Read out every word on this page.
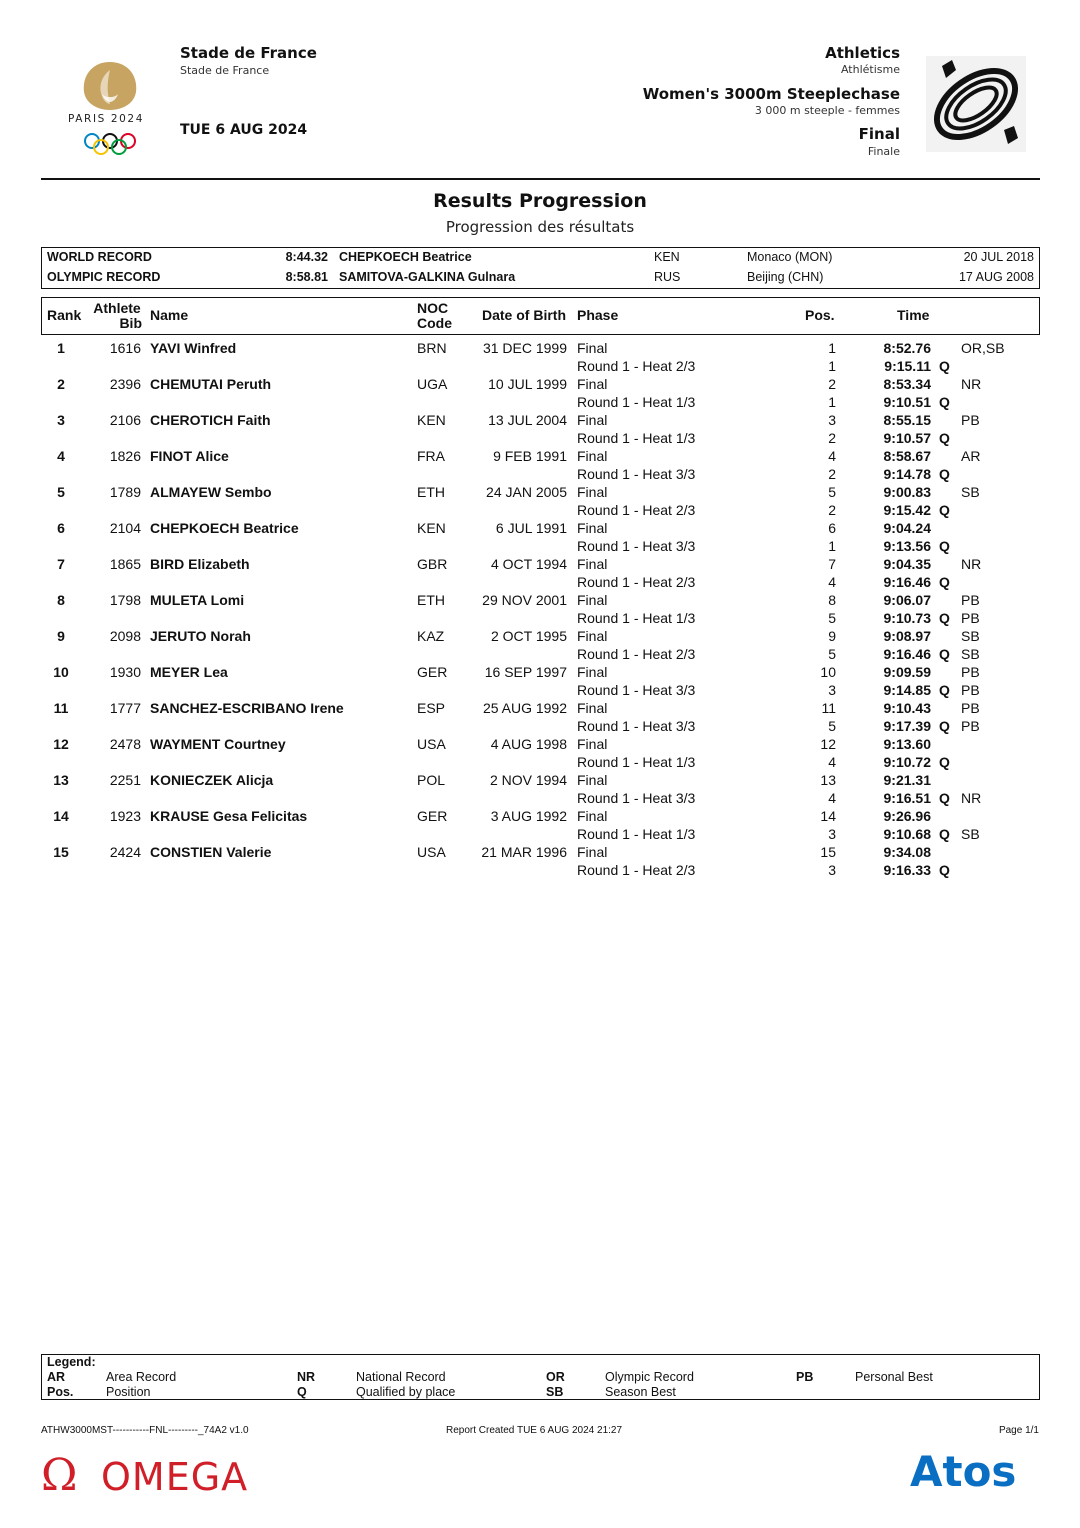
PARIS 2024
Stade de France
Stade de France
TUE 6 AUG 2024
Athletics
Athlétisme
Women's 3000m Steeplechase
3 000 m steeple - femmes
Final
Finale
Results Progression
Progression des résultats
WORLD RECORD	8:44.32 CHEPKOECH Beatrice	KEN	Monaco (MON)	20 JUL 2018
OLYMPIC RECORD	8:58.81 SAMITOVA-GALKINA Gulnara	RUS	Beijing (CHN)	17 AUG 2008
Rank Athlete
Bib Name	NOC
Code Date of Birth Phase	Pos.	Time
1	1616 YAVI Winfred	BRN	31 DEC 1999 Final	1	8:52.76 OR,SB
Round 1 - Heat 2/3	1	9:15.11 Q
2	2396 CHEMUTAI Peruth	UGA	10 JUL 1999 Final	2	8:53.34 NR
Round 1 - Heat 1/3	1	9:10.51 Q
3	2106 CHEROTICH Faith	KEN	13 JUL 2004 Final	3	8:55.15 PB
Round 1 - Heat 1/3	2	9:10.57 Q
4	1826 FINOT Alice	FRA	9 FEB 1991 Final	4	8:58.67 AR
Round 1 - Heat 3/3	2	9:14.78 Q
5	1789 ALMAYEW Sembo	ETH	24 JAN 2005 Final	5	9:00.83 SB
Round 1 - Heat 2/3	2	9:15.42 Q
6	2104 CHEPKOECH Beatrice	KEN	6 JUL 1991 Final	6	9:04.24
Round 1 - Heat 3/3	1	9:13.56 Q
7	1865 BIRD Elizabeth	GBR	4 OCT 1994 Final	7	9:04.35 NR
Round 1 - Heat 2/3	4	9:16.46 Q
8	1798 MULETA Lomi	ETH	29 NOV 2001 Final	8	9:06.07 PB
Round 1 - Heat 1/3	5	9:10.73 Q PB
9	2098 JERUTO Norah	KAZ	2 OCT 1995 Final	9	9:08.97 SB
Round 1 - Heat 2/3	5	9:16.46 Q SB
10	1930 MEYER Lea	GER	16 SEP 1997 Final	10	9:09.59 PB
Round 1 - Heat 3/3	3	9:14.85 Q PB
11	1777 SANCHEZ-ESCRIBANO Irene	ESP	25 AUG 1992 Final	11	9:10.43 PB
Round 1 - Heat 3/3	5	9:17.39 Q PB
12	2478 WAYMENT Courtney	USA	4 AUG 1998 Final	12	9:13.60
Round 1 - Heat 1/3	4	9:10.72 Q
13	2251 KONIECZEK Alicja	POL	2 NOV 1994 Final	13	9:21.31
Round 1 - Heat 3/3	4	9:16.51 Q NR
14	1923 KRAUSE Gesa Felicitas	GER	3 AUG 1992 Final	14	9:26.96
Round 1 - Heat 1/3	3	9:10.68 Q SB
15	2424 CONSTIEN Valerie	USA	21 MAR 1996 Final	15	9:34.08
Round 1 - Heat 2/3	3	9:16.33 Q
Legend:
AR	Area Record	NR	National Record	OR	Olympic Record	PB	Personal Best
Pos.	Position	Q	Qualified by place	SB	Season Best
ATHW3000MST-----------FNL---------_74A2 v1.0	Report Created TUE 6 AUG 2024 21:27	Page 1/1
Ω OMEGA	Atos
